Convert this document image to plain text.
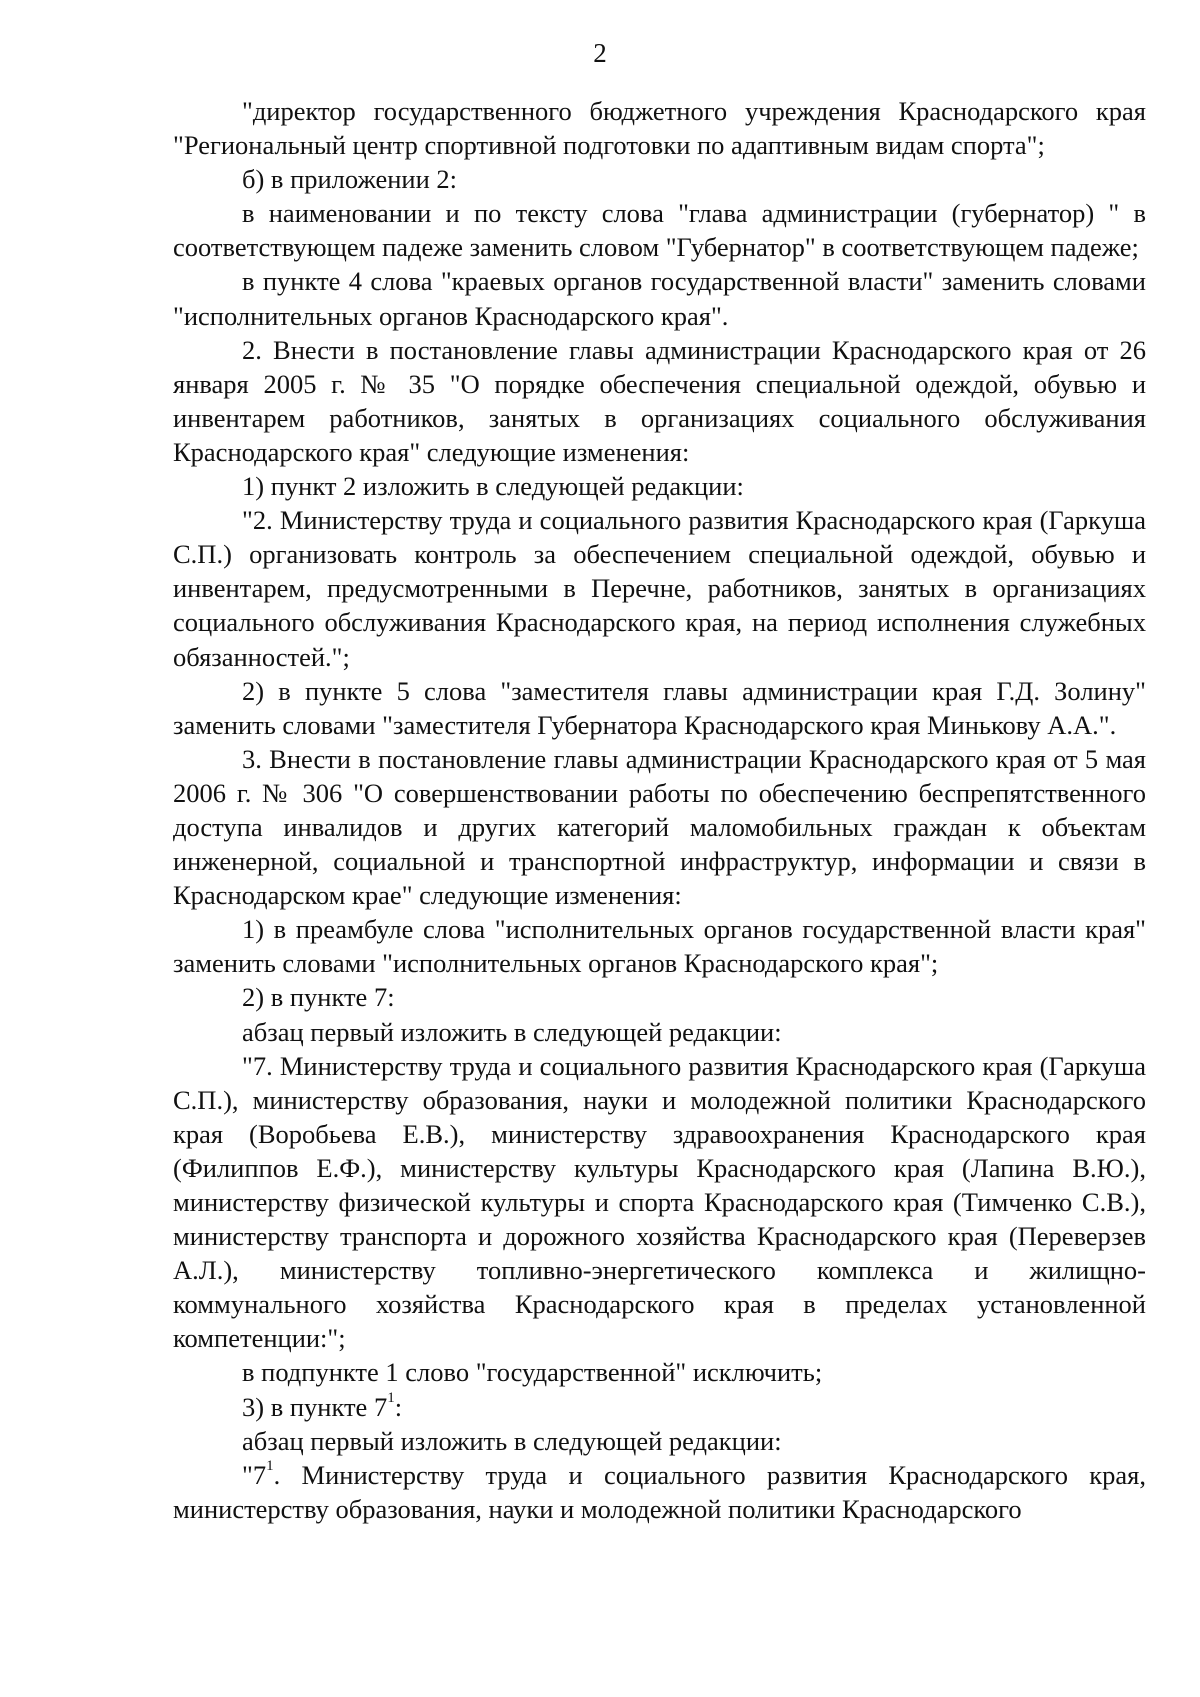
2

"директор государственного бюджетного учреждения Краснодарского края "Региональный центр спортивной подготовки по адаптивным видам спорта";

б) в приложении 2:

в наименовании и по тексту слова "глава администрации (губернатор) " в соответствующем падеже заменить словом "Губернатор" в соответствующем падеже;

в пункте 4 слова "краевых органов государственной власти" заменить словами "исполнительных органов Краснодарского края".

2. Внести в постановление главы администрации Краснодарского края от 26 января 2005 г. № 35 "О порядке обеспечения специальной одеждой, обувью и инвентарем работников, занятых в организациях социального обслуживания Краснодарского края" следующие изменения:

1) пункт 2 изложить в следующей редакции:

"2. Министерству труда и социального развития Краснодарского края (Гаркуша С.П.) организовать контроль за обеспечением специальной одеждой, обувью и инвентарем, предусмотренными в Перечне, работников, занятых в организациях социального обслуживания Краснодарского края, на период исполнения служебных обязанностей.";

2) в пункте 5 слова "заместителя главы администрации края Г.Д. Золину" заменить словами "заместителя Губернатора Краснодарского края Минькову А.А.".

3. Внести в постановление главы администрации Краснодарского края от 5 мая 2006 г. № 306 "О совершенствовании работы по обеспечению беспрепятственного доступа инвалидов и других категорий маломобильных граждан к объектам инженерной, социальной и транспортной инфраструктур, информации и связи в Краснодарском крае" следующие изменения:

1) в преамбуле слова "исполнительных органов государственной власти края" заменить словами "исполнительных органов Краснодарского края";

2) в пункте 7:

абзац первый изложить в следующей редакции:

"7. Министерству труда и социального развития Краснодарского края (Гаркуша С.П.), министерству образования, науки и молодежной политики Краснодарского края (Воробьева Е.В.), министерству здравоохранения Краснодарского края (Филиппов Е.Ф.), министерству культуры Краснодарского края (Лапина В.Ю.), министерству физической культуры и спорта Краснодарского края (Тимченко С.В.), министерству транспорта и дорожного хозяйства Краснодарского края (Переверзев А.Л.), министерству топливно-энергетического комплекса и жилищно-коммунального хозяйства Краснодарского края в пределах установленной компетенции:";

в подпункте 1 слово "государственной" исключить;

3) в пункте $7^1$:

абзац первый изложить в следующей редакции:

"$7^1$. Министерству труда и социального развития Краснодарского края, министерству образования, науки и молодежной политики Краснодарского
